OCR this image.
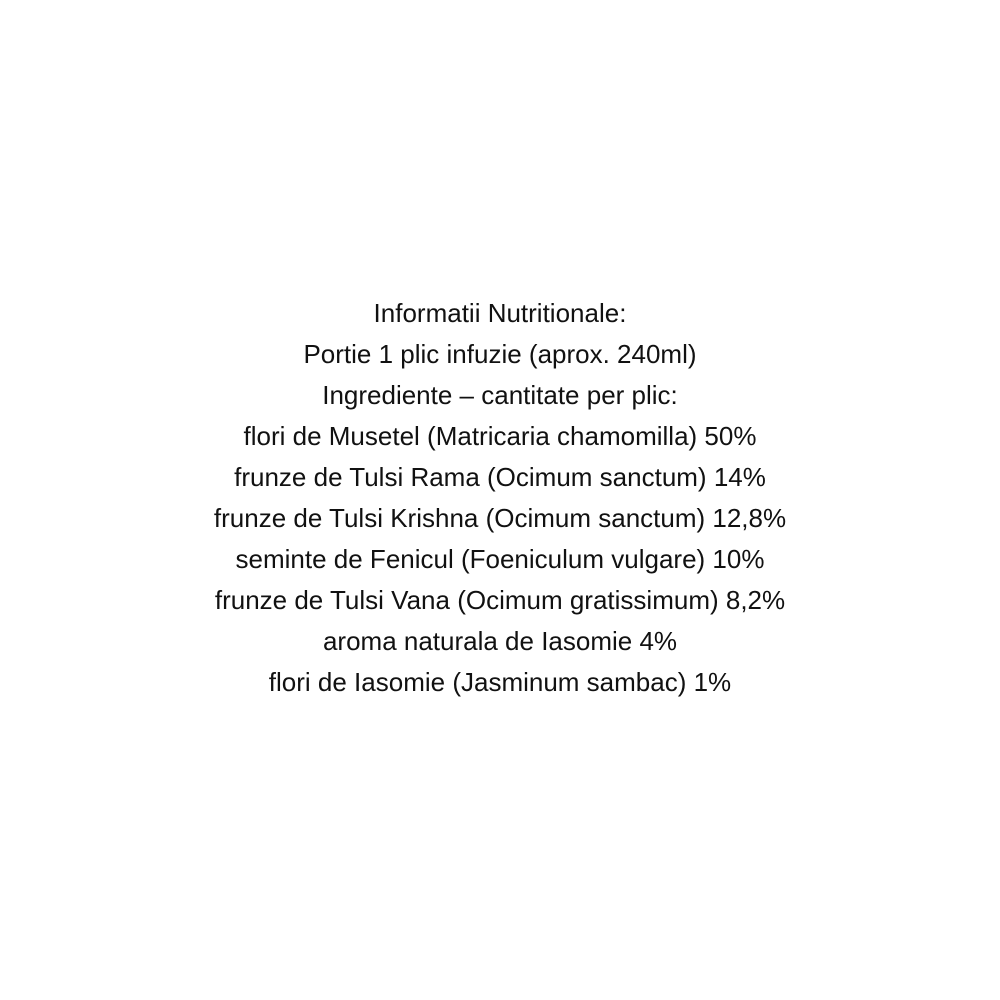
Informatii Nutritionale:
Portie 1 plic infuzie (aprox. 240ml)
Ingrediente – cantitate per plic:
flori de Musetel (Matricaria chamomilla) 50%
frunze de Tulsi Rama (Ocimum sanctum) 14%
frunze de Tulsi Krishna (Ocimum sanctum) 12,8%
seminte de Fenicul (Foeniculum vulgare) 10%
frunze de Tulsi Vana (Ocimum gratissimum) 8,2%
aroma naturala de Iasomie 4%
flori de Iasomie (Jasminum sambac) 1%
